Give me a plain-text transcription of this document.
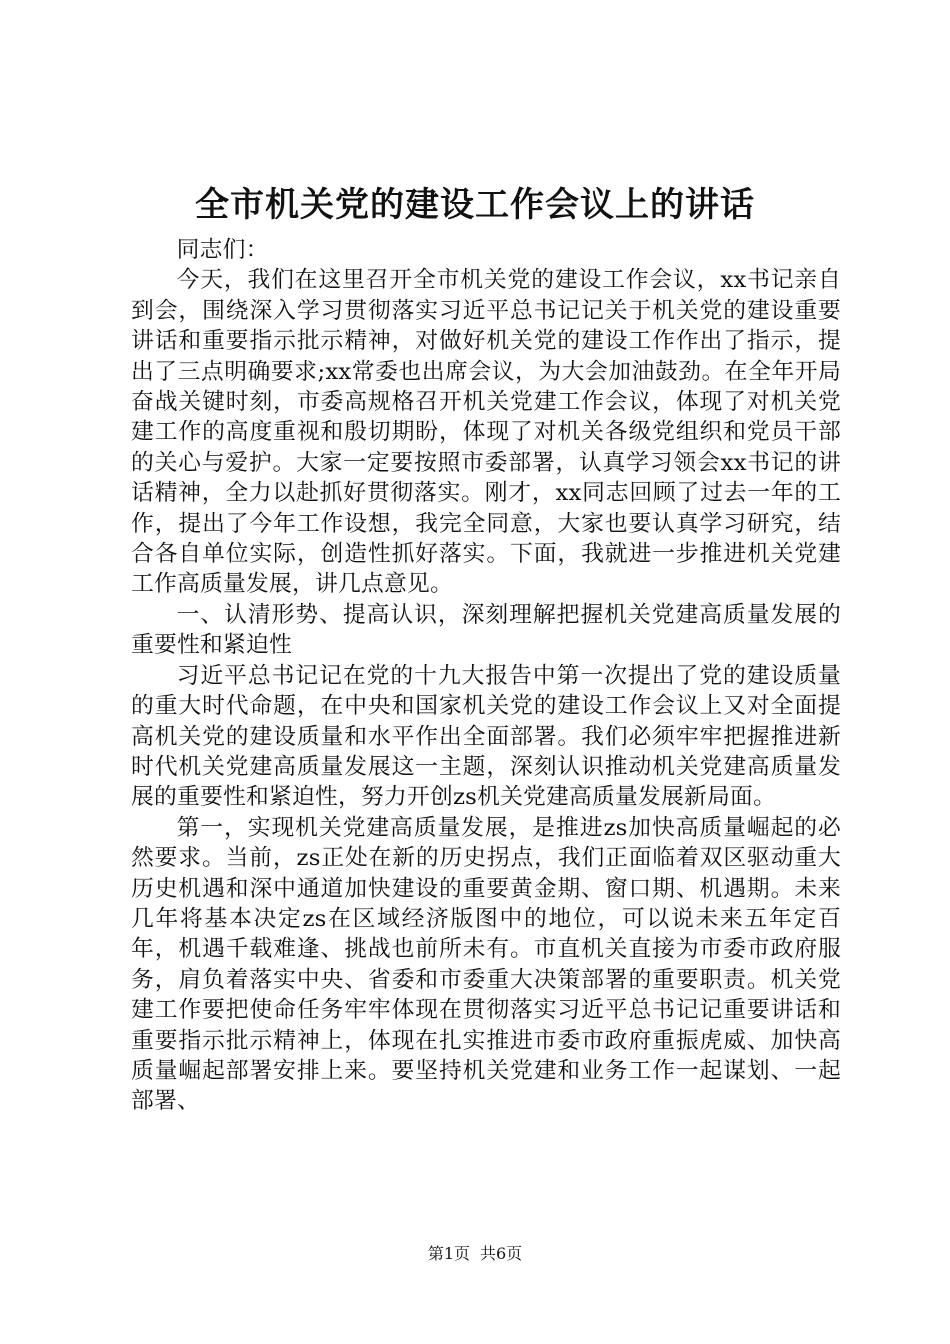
全市机关党的建设工作会议上的讲话

同志们：

今天，我们在这里召开全市机关党的建设工作会议，xx书记亲自到会，围绕深入学习贯彻落实习近平总书记记关于机关党的建设重要讲话和重要指示批示精神，对做好机关党的建设工作作出了指示，提出了三点明确要求;xx常委也出席会议，为大会加油鼓劲。在全年开局奋战关键时刻，市委高规格召开机关党建工作会议，体现了对机关党建工作的高度重视和殷切期盼，体现了对机关各级党组织和党员干部的关心与爱护。大家一定要按照市委部署，认真学习领会xx书记的讲话精神，全力以赴抓好贯彻落实。刚才，xx同志回顾了过去一年的工作，提出了今年工作设想，我完全同意，大家也要认真学习研究，结合各自单位实际，创造性抓好落实。下面，我就进一步推进机关党建工作高质量发展，讲几点意见。

一、认清形势、提高认识，深刻理解把握机关党建高质量发展的重要性和紧迫性

习近平总书记记在党的十九大报告中第一次提出了党的建设质量的重大时代命题，在中央和国家机关党的建设工作会议上又对全面提高机关党的建设质量和水平作出全面部署。我们必须牢牢把握推进新时代机关党建高质量发展这一主题，深刻认识推动机关党建高质量发展的重要性和紧迫性，努力开创zs机关党建高质量发展新局面。

第一，实现机关党建高质量发展，是推进zs加快高质量崛起的必然要求。当前，zs正处在新的历史拐点，我们正面临着双区驱动重大历史机遇和深中通道加快建设的重要黄金期、窗口期、机遇期。未来几年将基本决定zs在区域经济版图中的地位，可以说未来五年定百年，机遇千载难逢、挑战也前所未有。市直机关直接为市委市政府服务，肩负着落实中央、省委和市委重大决策部署的重要职责。机关党建工作要把使命任务牢牢体现在贯彻落实习近平总书记记重要讲话和重要指示批示精神上，体现在扎实推进市委市政府重振虎威、加快高质量崛起部署安排上来。要坚持机关党建和业务工作一起谋划、一起部署、

第1页 共6页
